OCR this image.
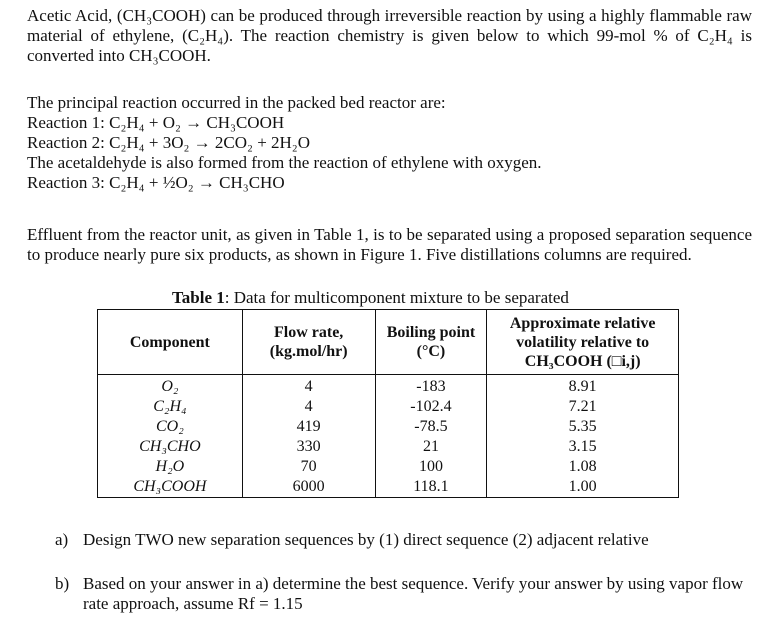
Acetic Acid, (CH₃COOH) can be produced through irreversible reaction by using a highly flammable raw material of ethylene, (C₂H₄). The reaction chemistry is given below to which 99-mol % of C₂H₄ is converted into CH₃COOH.

The principal reaction occurred in the packed bed reactor are:
Reaction 1: C₂H₄ + O₂ → CH₃COOH
Reaction 2: C₂H₄ + 3O₂ → 2CO₂ + 2H₂O
The acetaldehyde is also formed from the reaction of ethylene with oxygen.
Reaction 3: C₂H₄ + ½O₂ → CH₃CHO

Effluent from the reactor unit, as given in Table 1, is to be separated using a proposed separation sequence to produce nearly pure six products, as shown in Figure 1. Five distillations columns are required.

Table 1: Data for multicomponent mixture to be separated
Component	Flow rate, (kg.mol/hr)	Boiling point (°C)	Approximate relative volatility relative to CH₃COOH (□i,j)
O₂	4	-183	8.91
C₂H₄	4	-102.4	7.21
CO₂	419	-78.5	5.35
CH₃CHO	330	21	3.15
H₂O	70	100	1.08
CH₃COOH	6000	118.1	1.00
a) Design TWO new separation sequences by (1) direct sequence (2) adjacent relative
b) Based on your answer in a) determine the best sequence. Verify your answer by using vapor flow rate approach, assume Rf = 1.15
